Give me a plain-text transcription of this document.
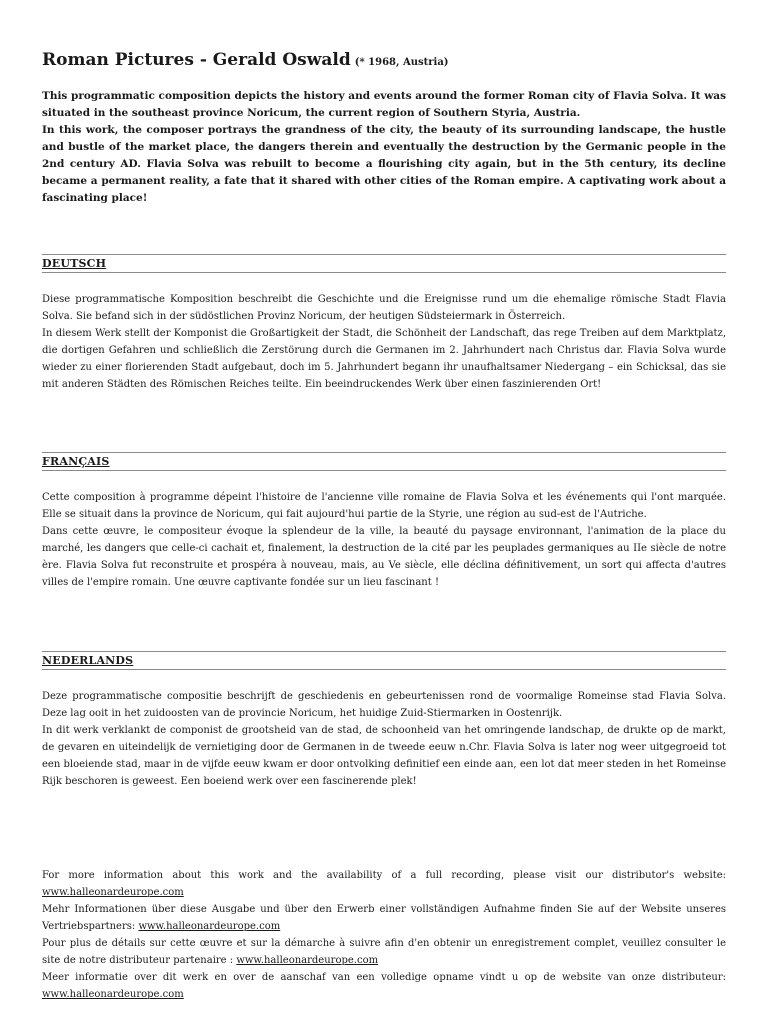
Roman Pictures - Gerald Oswald (* 1968, Austria)

This programmatic composition depicts the history and events around the former Roman city of Flavia Solva. It was situated in the southeast province Noricum, the current region of Southern Styria, Austria.

In this work, the composer portrays the grandness of the city, the beauty of its surrounding landscape, the hustle and bustle of the market place, the dangers therein and eventually the destruction by the Germanic people in the 2nd century AD. Flavia Solva was rebuilt to become a flourishing city again, but in the 5th century, its decline became a permanent reality, a fate that it shared with other cities of the Roman empire. A captivating work about a fascinating place!

DEUTSCH

Diese programmatische Komposition beschreibt die Geschichte und die Ereignisse rund um die ehemalige römische Stadt Flavia Solva. Sie befand sich in der südöstlichen Provinz Noricum, der heutigen Südsteiermark in Österreich.

In diesem Werk stellt der Komponist die Großartigkeit der Stadt, die Schönheit der Landschaft, das rege Treiben auf dem Marktplatz, die dortigen Gefahren und schließlich die Zerstörung durch die Germanen im 2. Jahrhundert nach Christus dar. Flavia Solva wurde wieder zu einer florierenden Stadt aufgebaut, doch im 5. Jahrhundert begann ihr unaufhaltsamer Niedergang – ein Schicksal, das sie mit anderen Städten des Römischen Reiches teilte. Ein beeindruckendes Werk über einen faszinierenden Ort!

FRANÇAIS

Cette composition à programme dépeint l'histoire de l'ancienne ville romaine de Flavia Solva et les événements qui l'ont marquée. Elle se situait dans la province de Noricum, qui fait aujourd'hui partie de la Styrie, une région au sud-est de l'Autriche.

Dans cette œuvre, le compositeur évoque la splendeur de la ville, la beauté du paysage environnant, l'animation de la place du marché, les dangers que celle-ci cachait et, finalement, la destruction de la cité par les peuplades germaniques au IIe siècle de notre ère. Flavia Solva fut reconstruite et prospéra à nouveau, mais, au Ve siècle, elle déclina définitivement, un sort qui affecta d'autres villes de l'empire romain. Une œuvre captivante fondée sur un lieu fascinant !

NEDERLANDS

Deze programmatische compositie beschrijft de geschiedenis en gebeurtenissen rond de voormalige Romeinse stad Flavia Solva. Deze lag ooit in het zuidoosten van de provincie Noricum, het huidige Zuid-Stiermarken in Oostenrijk.

In dit werk verklankt de componist de grootsheid van de stad, de schoonheid van het omringende landschap, de drukte op de markt, de gevaren en uiteindelijk de vernietiging door de Germanen in de tweede eeuw n.Chr. Flavia Solva is later nog weer uitgegroeid tot een bloeiende stad, maar in de vijfde eeuw kwam er door ontvolking definitief een einde aan, een lot dat meer steden in het Romeinse Rijk beschoren is geweest. Een boeiend werk over een fascinerende plek!

For more information about this work and the availability of a full recording, please visit our distributor's website: www.halleonardeurope.com

Mehr Informationen über diese Ausgabe und über den Erwerb einer vollständigen Aufnahme finden Sie auf der Website unseres Vertriebspartners: www.halleonardeurope.com

Pour plus de détails sur cette œuvre et sur la démarche à suivre afin d'en obtenir un enregistrement complet, veuillez consulter le site de notre distributeur partenaire : www.halleonardeurope.com

Meer informatie over dit werk en over de aanschaf van een volledige opname vindt u op de website van onze distributeur: www.halleonardeurope.com
